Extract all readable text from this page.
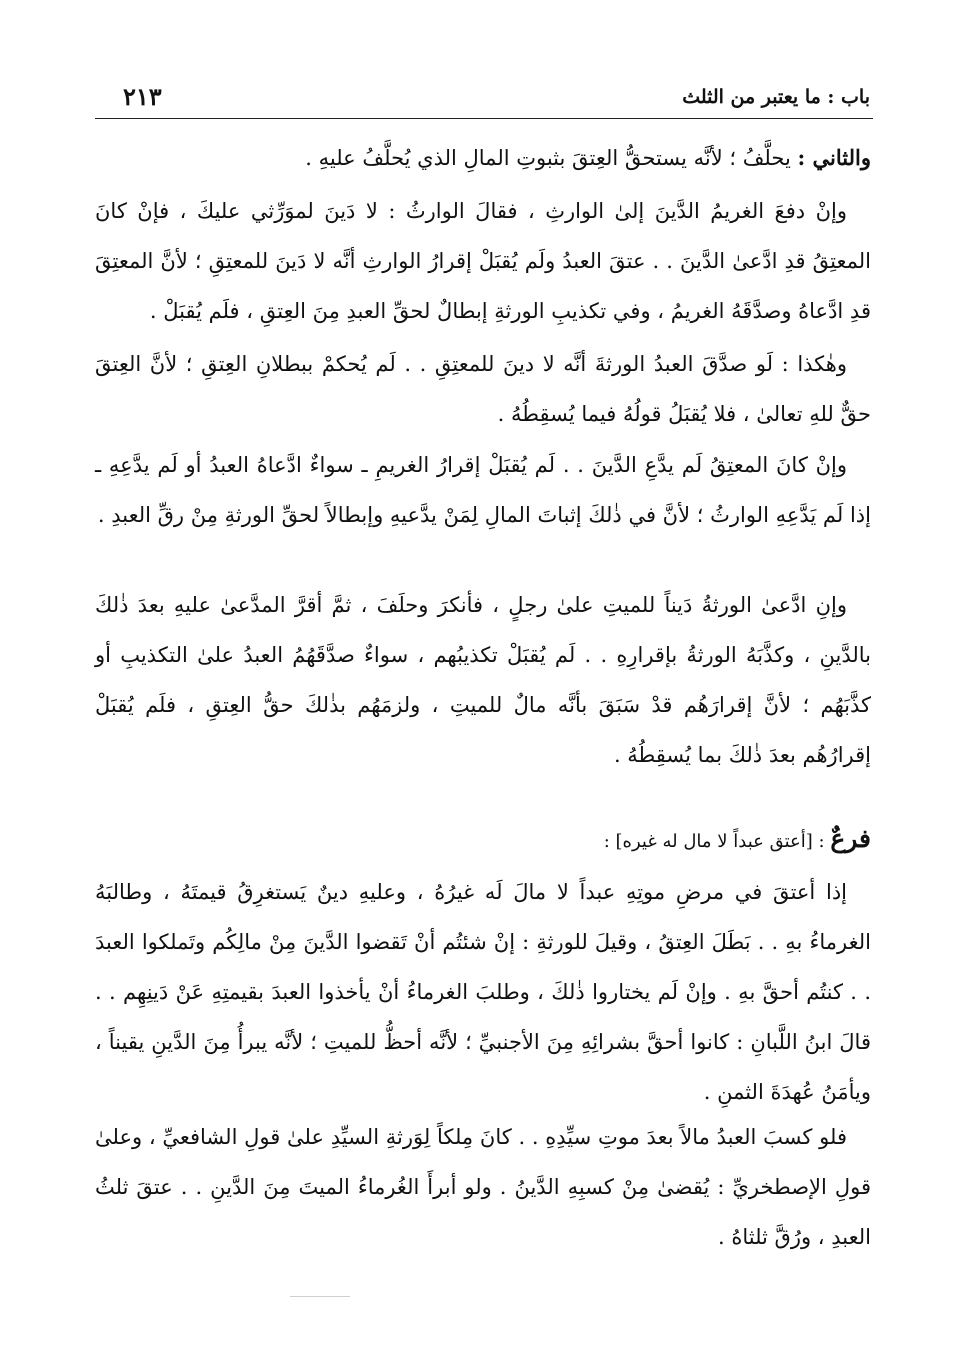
باب : ما يعتبر من الثلث
٢١٣

والثاني : يحلَّفُ ؛ لأنَّه يستحقُّ العِتقَ بثبوتِ المالِ الذي يُحلَّفُ عليهِ .

وإنْ دفعَ الغريمُ الدَّينَ إلىٰ الوارثِ ، فقالَ الوارثُ : لا دَينَ لموَرِّثي عليكَ ، فإنْ كانَ المعتِقُ قدِ ادَّعىٰ الدَّينَ . . عتقَ العبدُ ولَم يُقبَلْ إقرارُ الوارثِ أنَّه لا دَينَ للمعتِقِ ؛ لأنَّ المعتِقَ قدِ ادَّعاهُ وصدَّقَهُ الغريمُ ، وفي تكذيبِ الورثةِ إبطالٌ لحقِّ العبدِ مِنَ العِتقِ ، فلَم يُقبَلْ .

وهٰكذا : لَو صدَّقَ العبدُ الورثةَ أنَّه لا دينَ للمعتِقِ . . لَم يُحكمْ ببطلانِ العِتقِ ؛ لأنَّ العِتقَ حقٌّ للهِ تعالىٰ ، فلا يُقبَلُ قولُهُ فيما يُسقِطُهُ .

وإنْ كانَ المعتِقُ لَم يدَّعِ الدَّينَ . . لَم يُقبَلْ إقرارُ الغريمِ ـ سواءٌ ادَّعاهُ العبدُ أو لَم يدَّعِهِ ـ إذا لَم يَدَّعِهِ الوارثُ ؛ لأنَّ في ذٰلكَ إثباتَ المالِ لِمَنْ يدَّعيهِ وإبطالاً لحقِّ الورثةِ مِنْ رقِّ العبدِ .

وإنِ ادَّعىٰ الورثةُ دَيناً للميتِ علىٰ رجلٍ ، فأنكرَ وحلَفَ ، ثمَّ أقرَّ المدَّعىٰ عليهِ بعدَ ذٰلكَ بالدَّينِ ، وكذَّبَهُ الورثةُ بإقرارِهِ . . لَم يُقبَلْ تكذيبُهم ، سواءٌ صدَّقَهُمُ العبدُ علىٰ التكذيبِ أو كذَّبَهُم ؛ لأنَّ إقرارَهُم قدْ سَبَقَ بأنَّه مالٌ للميتِ ، ولزمَهُم بذٰلكَ حقُّ العِتقِ ، فلَم يُقبَلْ إقرارُهُم بعدَ ذٰلكَ بما يُسقِطُهُ .

فرعٌ : [أعتق عبداً لا مال له غيره] :

إذا أعتقَ في مرضِ موتِهِ عبداً لا مالَ لَه غيرُهُ ، وعليهِ دينٌ يَستغرِقُ قيمتَهُ ، وطالبَهُ الغرماءُ بهِ . . بَطَلَ العِتقُ ، وقيلَ للورثةِ : إنْ شئتُم أنْ تَقضوا الدَّينَ مِنْ مالِكُم وتَملكوا العبدَ . . كنتُم أحقَّ بهِ . وإنْ لَم يختاروا ذٰلكَ ، وطلبَ الغرماءُ أنْ يأخذوا العبدَ بقيمتِهِ عَنْ دَينِهِم . . قالَ ابنُ اللَّبانِ : كانوا أحقَّ بشرائِهِ مِنَ الأجنبيِّ ؛ لأنَّه أحظُّ للميتِ ؛ لأنَّه يبرأُ مِنَ الدَّينِ يقيناً ، ويأمَنُ عُهدَةَ الثمنِ .

فلو كسبَ العبدُ مالاً بعدَ موتِ سيِّدِهِ . . كانَ مِلكاً لِوَرثةِ السيِّدِ علىٰ قولِ الشافعيِّ ، وعلىٰ قولِ الإصطخريِّ : يُقضىٰ مِنْ كسبِهِ الدَّينُ . ولو أبرأَ الغُرماءُ الميتَ مِنَ الدَّينِ . . عتقَ ثلثُ العبدِ ، ورُقَّ ثلثاهُ .
